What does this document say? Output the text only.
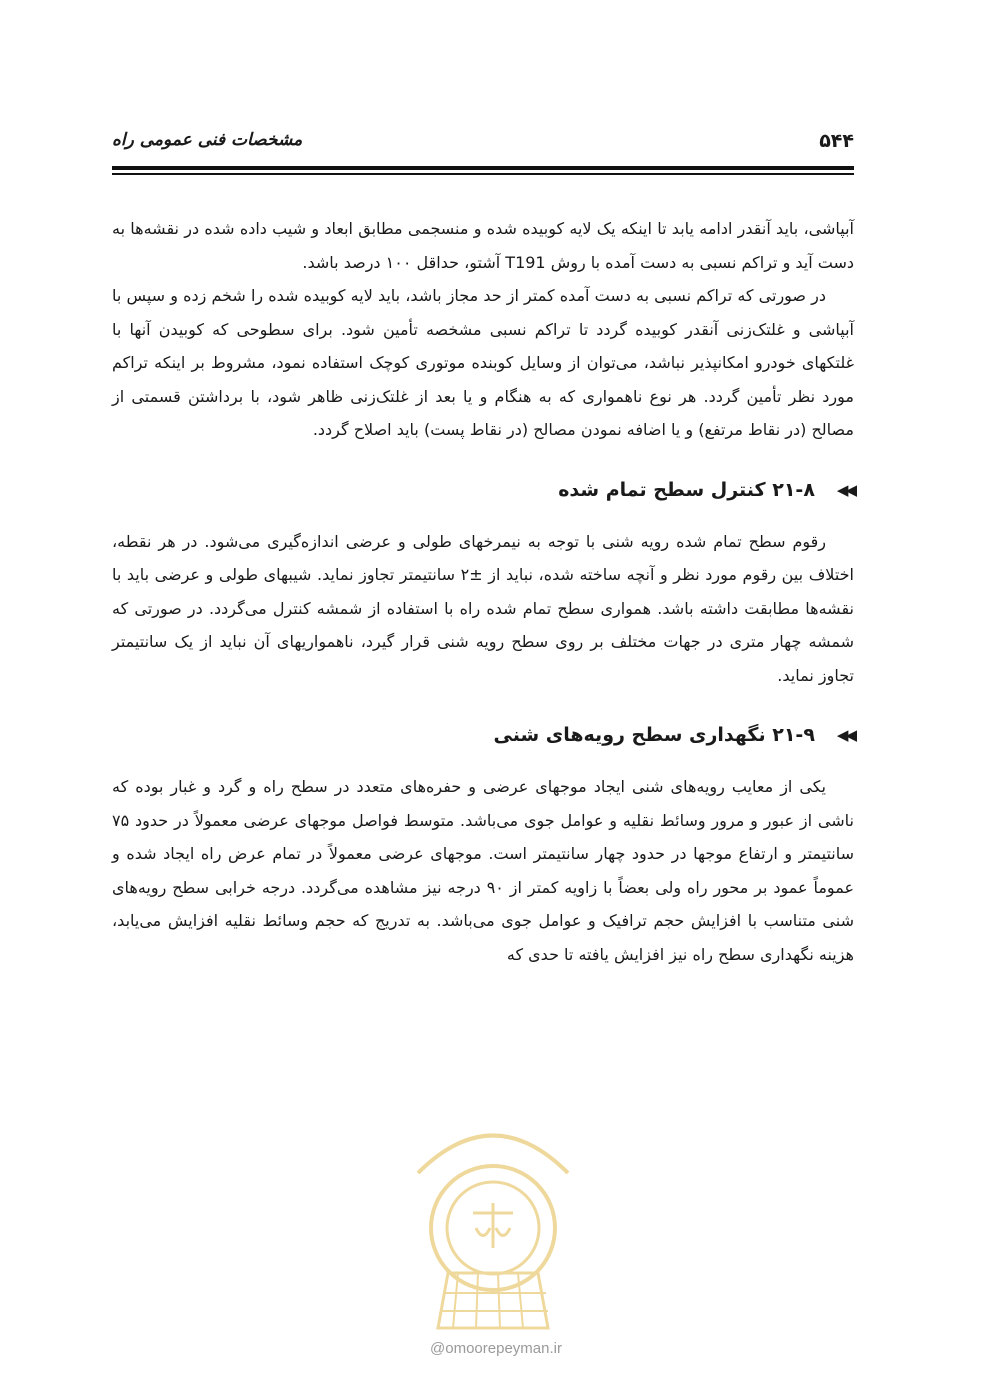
۵۴۴
مشخصات فنی عمومی راه

آبپاشی، باید آنقدر ادامه یابد تا اینکه یک لایه کوبیده شده و منسجمی مطابق ابعاد و شیب داده شده در نقشه‌ها به دست آید و تراکم نسبی به دست آمده با روش T191 آشتو، حداقل ۱۰۰ درصد باشد.

در صورتی که تراکم نسبی به دست آمده کمتر از حد مجاز باشد، باید لایه کوبیده شده را شخم زده و سپس با آبپاشی و غلتک‌زنی آنقدر کوبیده گردد تا تراکم نسبی مشخصه تأمین شود. برای سطوحی که کوبیدن آنها با غلتکهای خودرو امکانپذیر نباشد، می‌توان از وسایل کوبنده موتوری کوچک استفاده نمود، مشروط بر اینکه تراکم مورد نظر تأمین گردد. هر نوع ناهمواری که به هنگام و یا بعد از غلتک‌زنی ظاهر شود، با برداشتن قسمتی از مصالح (در نقاط مرتفع) و یا اضافه نمودن مصالح (در نقاط پست) باید اصلاح گردد.

◀◀
۲۱-۸ کنترل سطح تمام شده

رقوم سطح تمام شده رویه شنی با توجه به نیمرخهای طولی و عرضی اندازه‌گیری می‌شود. در هر نقطه، اختلاف بین رقوم مورد نظر و آنچه ساخته شده، نباید از ±۲ سانتیمتر تجاوز نماید. شیبهای طولی و عرضی باید با نقشه‌ها مطابقت داشته باشد. هموارى سطح تمام شده راه با استفاده از شمشه کنترل می‌گردد. در صورتی که شمشه چهار متری در جهات مختلف بر روی سطح رویه شنی قرار گیرد، ناهمواریهای آن نباید از یک سانتیمتر تجاوز نماید.

◀◀
۲۱-۹ نگهداری سطح رویه‌های شنی

یکی از معایب رویه‌های شنی ایجاد موجهای عرضی و حفره‌های متعدد در سطح راه و گرد و غبار بوده که ناشی از عبور و مرور وسائط نقلیه و عوامل جوی می‌باشد. متوسط فواصل موجهای عرضی معمولاً در حدود ۷۵ سانتیمتر و ارتفاع موجها در حدود چهار سانتیمتر است. موجهای عرضی معمولاً در تمام عرض راه ایجاد شده و عموماً عمود بر محور راه ولی بعضاً با زاویه کمتر از ۹۰ درجه نیز مشاهده می‌گردد. درجه خرابی سطح رویه‌های شنی متناسب با افزایش حجم ترافیک و عوامل جوی می‌باشد. به تدریج که حجم وسائط نقلیه افزایش می‌یابد، هزینه نگهداری سطح راه نیز افزایش یافته تا حدی که

@omoorepeyman.ir
